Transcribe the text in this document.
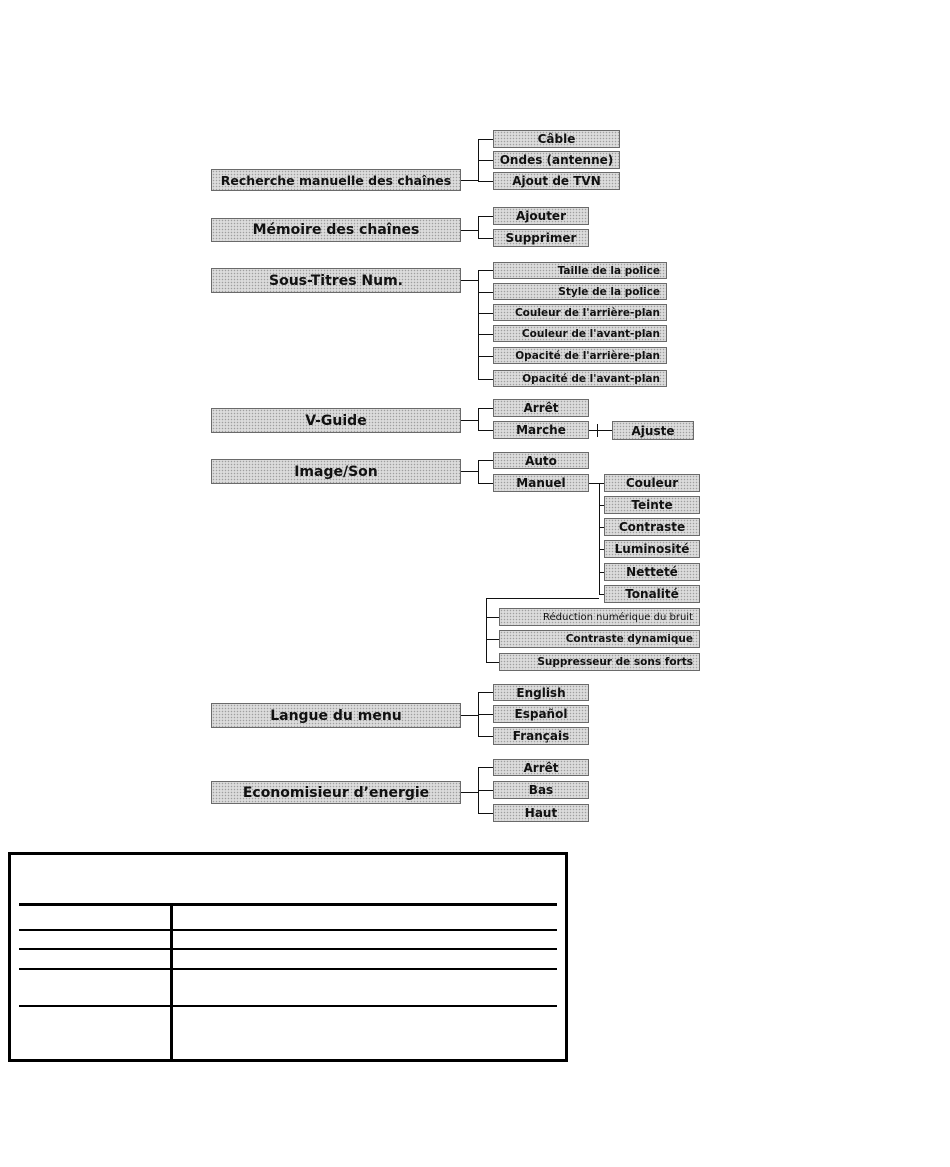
Recherche manuelle des chaînes
Câble
Ondes (antenne)
Ajout de TVN
Mémoire des chaînes
Ajouter
Supprimer
Sous-Titres Num.
Taille de la police
Style de la police
Couleur de l'arrière-plan
Couleur de l'avant-plan
Opacité de l'arrière-plan
Opacité de l'avant-plan
V-Guide
Arrêt
Marche	Ajuste
Image/Son
Auto
Manuel	Couleur
Teinte
Contraste
Luminosité
Netteté
Tonalité
Réduction numérique du bruit
Contraste dynamique
Suppresseur de sons forts
Langue du menu
English
Español
Français
Economisieur d’energie
Arrêt
Bas
Haut
